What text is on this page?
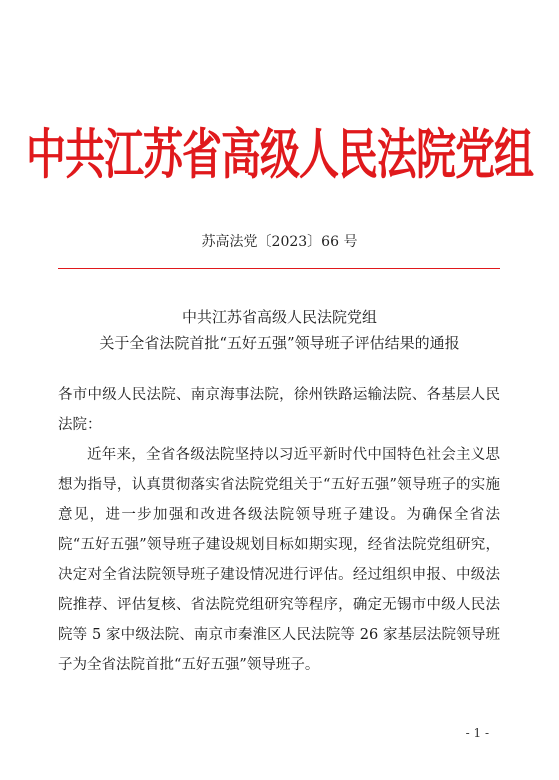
中共江苏省高级人民法院党组
苏高法党〔2023〕66 号
中共江苏省高级人民法院党组
关于全省法院首批“五好五强”领导班子评估结果的通报
各市中级人民法院、南京海事法院，徐州铁路运输法院、各基层人民法院：
近年来，全省各级法院坚持以习近平新时代中国特色社会主义思想为指导，认真贯彻落实省法院党组关于“五好五强”领导班子的实施意见，进一步加强和改进各级法院领导班子建设。为确保全省法院“五好五强”领导班子建设规划目标如期实现，经省法院党组研究，决定对全省法院领导班子建设情况进行评估。经过组织申报、中级法院推荐、评估复核、省法院党组研究等程序，确定无锡市中级人民法院等 5 家中级法院、南京市秦淮区人民法院等 26 家基层法院领导班子为全省法院首批“五好五强”领导班子。
- 1 -
